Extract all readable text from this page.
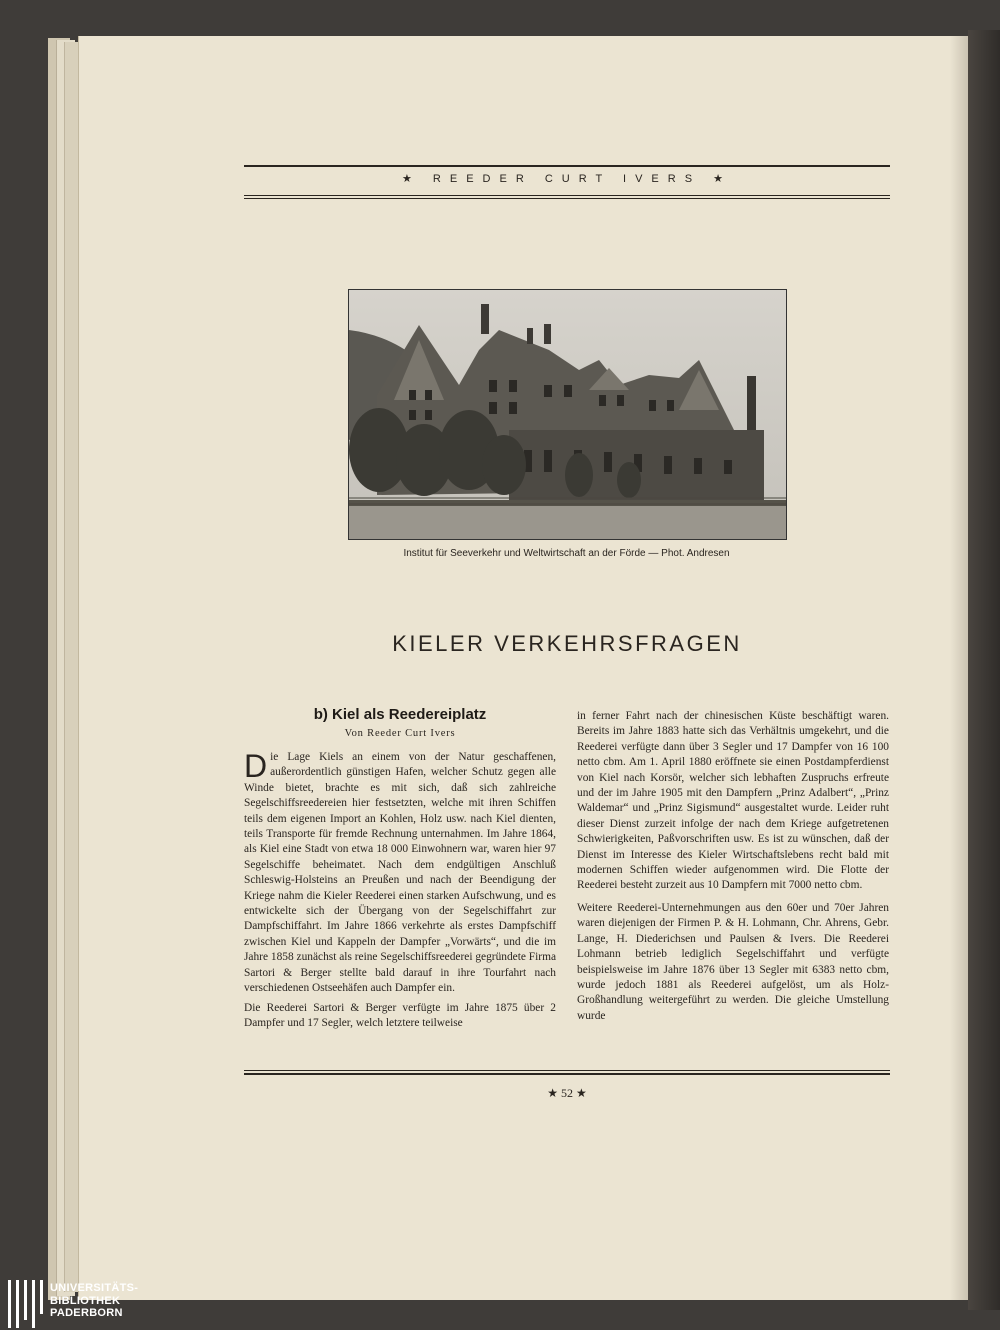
★ REEDER CURT IVERS ★
Institut für Seeverkehr und Weltwirtschaft an der Förde — Phot. Andresen
KIELER VERKEHRSFRAGEN
b) Kiel als Reedereiplatz
Von Reeder Curt Ivers

Die Lage Kiels an einem von der Natur geschaffenen, außerordentlich günstigen Hafen, welcher Schutz gegen alle Winde bietet, brachte es mit sich, daß sich zahlreiche Segelschiffsreedereien hier festsetzten, welche mit ihren Schiffen teils dem eigenen Import an Kohlen, Holz usw. nach Kiel dienten, teils Transporte für fremde Rechnung unternahmen. Im Jahre 1864, als Kiel eine Stadt von etwa 18 000 Einwohnern war, waren hier 97 Segelschiffe beheimatet. Nach dem endgültigen Anschluß Schleswig-Holsteins an Preußen und nach der Beendigung der Kriege nahm die Kieler Reederei einen starken Aufschwung, und es entwickelte sich der Übergang von der Segelschiffahrt zur Dampfschiffahrt. Im Jahre 1866 verkehrte als erstes Dampfschiff zwischen Kiel und Kappeln der Dampfer „Vorwärts“, und die im Jahre 1858 zunächst als reine Segelschiffsreederei gegründete Firma Sartori & Berger stellte bald darauf in ihre Tourfahrt nach verschiedenen Ostseehäfen auch Dampfer ein.

Die Reederei Sartori & Berger verfügte im Jahre 1875 über 2 Dampfer und 17 Segler, welch letztere teilweise

in ferner Fahrt nach der chinesischen Küste beschäftigt waren. Bereits im Jahre 1883 hatte sich das Verhältnis umgekehrt, und die Reederei verfügte dann über 3 Segler und 17 Dampfer von 16 100 netto cbm. Am 1. April 1880 eröffnete sie einen Postdampferdienst von Kiel nach Korsör, welcher sich lebhaften Zuspruchs erfreute und der im Jahre 1905 mit den Dampfern „Prinz Adalbert“, „Prinz Waldemar“ und „Prinz Sigismund“ ausgestaltet wurde. Leider ruht dieser Dienst zurzeit infolge der nach dem Kriege aufgetretenen Schwierigkeiten, Paßvorschriften usw. Es ist zu wünschen, daß der Dienst im Interesse des Kieler Wirtschaftslebens recht bald mit modernen Schiffen wieder aufgenommen wird. Die Flotte der Reederei besteht zurzeit aus 10 Dampfern mit 7000 netto cbm.

Weitere Reederei-Unternehmungen aus den 60er und 70er Jahren waren diejenigen der Firmen P. & H. Lohmann, Chr. Ahrens, Gebr. Lange, H. Diederichsen und Paulsen & Ivers. Die Reederei Lohmann betrieb lediglich Segelschiffahrt und verfügte beispielsweise im Jahre 1876 über 13 Segler mit 6383 netto cbm, wurde jedoch 1881 als Reederei aufgelöst, um als Holz-Großhandlung weitergeführt zu werden. Die gleiche Umstellung wurde

★ 52 ★
UNIVERSITÄTS-
BIBLIOTHEK
PADERBORN
